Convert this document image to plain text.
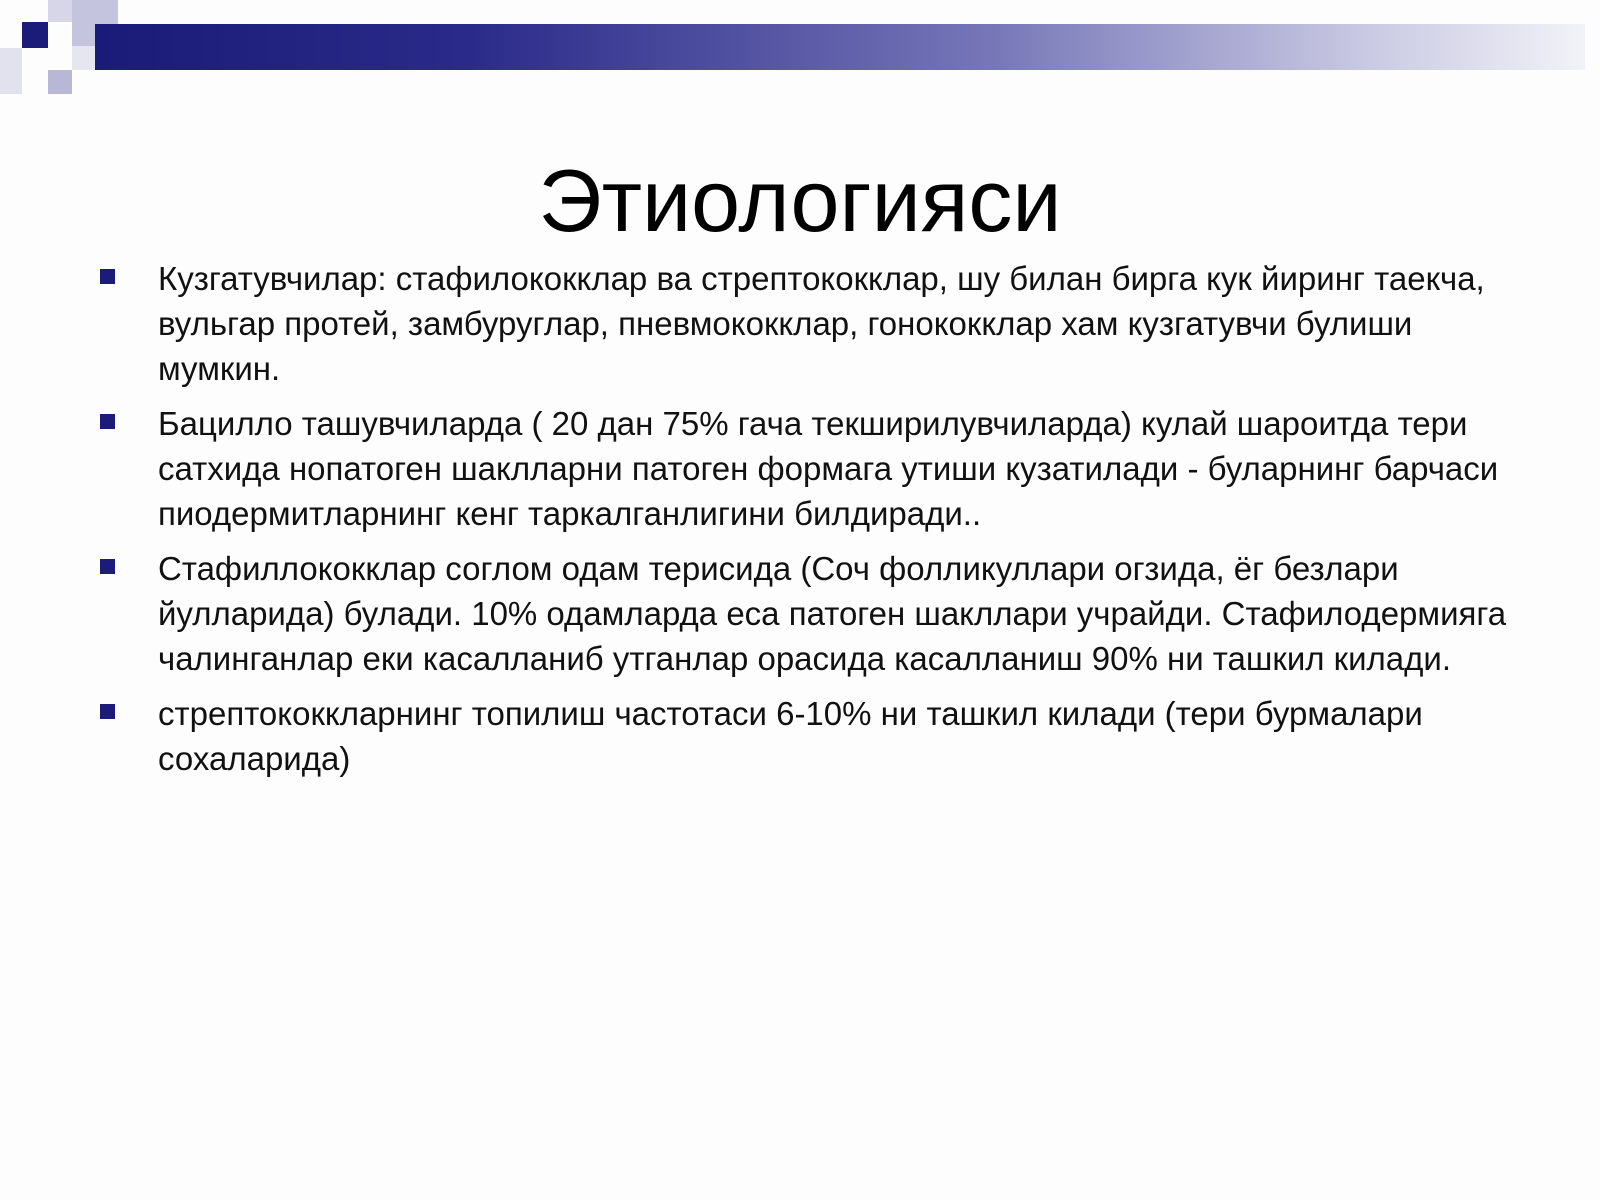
Этиологияси
Кузгатувчилар: стафилококклар ва стрептококклар, шу билан бирга кук йиринг таекча, вульгар протей, замбуруглар, пневмококклар, гонококклар хам кузгатувчи булиши мумкин.
Бацилло ташувчиларда ( 20 дан 75% гача текширилувчиларда) кулай шароитда тери сатхида нопатоген шаклларни патоген формага утиши кузатилади - буларнинг барчаси пиодермитларнинг кенг таркалганлигини билдиради..
Стафиллококклар соглом одам терисида (Соч фолликуллари огзида, ёг безлари йулларида) булади. 10% одамларда еса патоген шакллари учрайди. Стафилодермияга чалинганлар еки касалланиб утганлар орасида касалланиш 90% ни ташкил килади.
стрептококкларнинг топилиш частотаси 6-10% ни ташкил килади (тери бурмалари сохаларида)
